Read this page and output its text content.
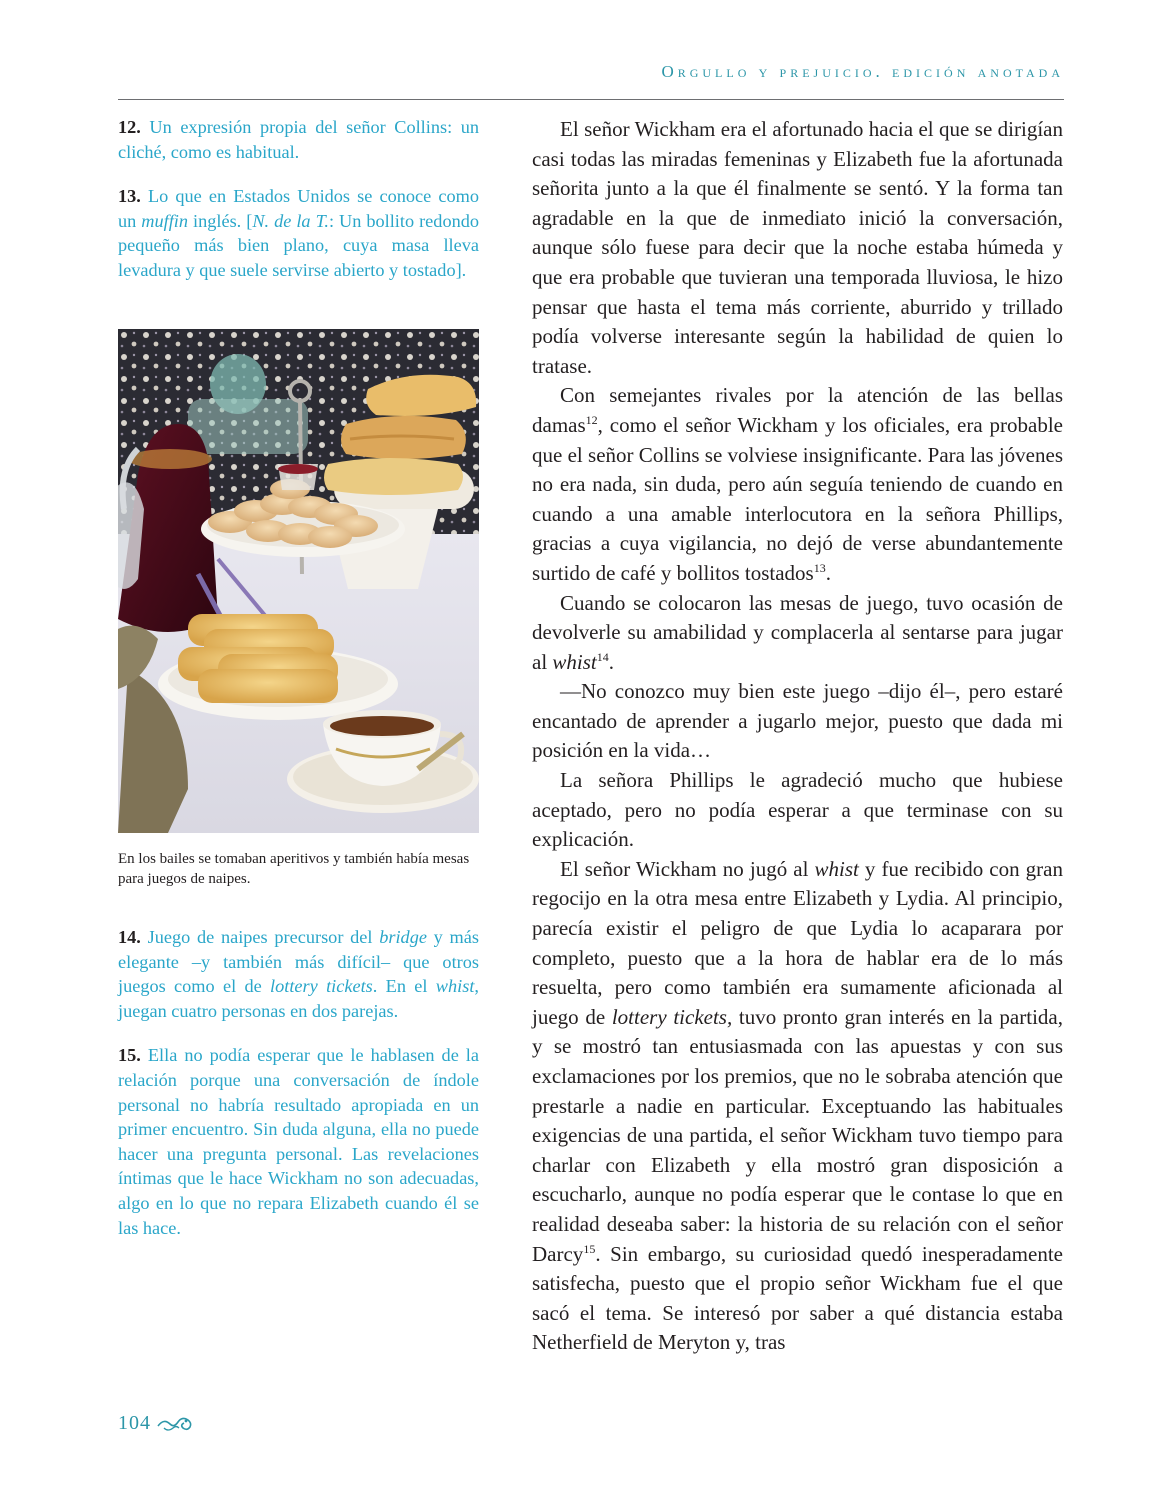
Orgullo y prejuicio. edición anotada

12. Un expresión propia del señor Collins: un cliché, como es habitual.

13. Lo que en Estados Unidos se conoce como un muffin inglés. [N. de la T.: Un bollito redondo pequeño más bien plano, cuya masa lleva levadura y que suele servirse abierto y tostado].

En los bailes se tomaban aperitivos y también había mesas para juegos de naipes.

14. Juego de naipes precursor del bridge y más elegante –y también más difícil– que otros juegos como el de lottery tickets. En el whist, juegan cuatro personas en dos parejas.

15. Ella no podía esperar que le hablasen de la relación porque una conversación de índole personal no habría resultado apropiada en un primer encuentro. Sin duda alguna, ella no puede hacer una pregunta personal. Las revelaciones íntimas que le hace Wickham no son adecuadas, algo en lo que no repara Elizabeth cuando él se las hace.

El señor Wickham era el afortunado hacia el que se dirigían casi todas las miradas femeninas y Elizabeth fue la afortunada señorita junto a la que él finalmente se sentó. Y la forma tan agradable en la que de inmediato inició la conversación, aunque sólo fuese para decir que la noche estaba húmeda y que era probable que tuvieran una temporada lluviosa, le hizo pensar que hasta el tema más corriente, aburrido y trillado podía volverse interesante según la habilidad de quien lo tratase.

Con semejantes rivales por la atención de las bellas damas$^{12}$, como el señor Wickham y los oficiales, era probable que el señor Collins se volviese insignificante. Para las jóvenes no era nada, sin duda, pero aún seguía teniendo de cuando en cuando a una amable interlocutora en la señora Phillips, gracias a cuya vigilancia, no dejó de verse abundantemente surtido de café y bollitos tostados$^{13}$.

Cuando se colocaron las mesas de juego, tuvo ocasión de devolverle su amabilidad y complacerla al sentarse para jugar al whist$^{14}$.

—No conozco muy bien este juego –dijo él–, pero estaré encantado de aprender a jugarlo mejor, puesto que dada mi posición en la vida…

La señora Phillips le agradeció mucho que hubiese aceptado, pero no podía esperar a que terminase con su explicación.

El señor Wickham no jugó al whist y fue recibido con gran regocijo en la otra mesa entre Elizabeth y Lydia. Al principio, parecía existir el peligro de que Lydia lo acaparara por completo, puesto que a la hora de hablar era de lo más resuelta, pero como también era sumamente aficionada al juego de lottery tickets, tuvo pronto gran interés en la partida, y se mostró tan entusiasmada con las apuestas y con sus exclamaciones por los premios, que no le sobraba atención que prestarle a nadie en particular. Exceptuando las habituales exigencias de una partida, el señor Wickham tuvo tiempo para charlar con Elizabeth y ella mostró gran disposición a escucharlo, aunque no podía esperar que le contase lo que en realidad deseaba saber: la historia de su relación con el señor Darcy$^{15}$. Sin embargo, su curiosidad quedó inesperadamente satisfecha, puesto que el propio señor Wickham fue el que sacó el tema. Se interesó por saber a qué distancia estaba Netherfield de Meryton y, tras

104
